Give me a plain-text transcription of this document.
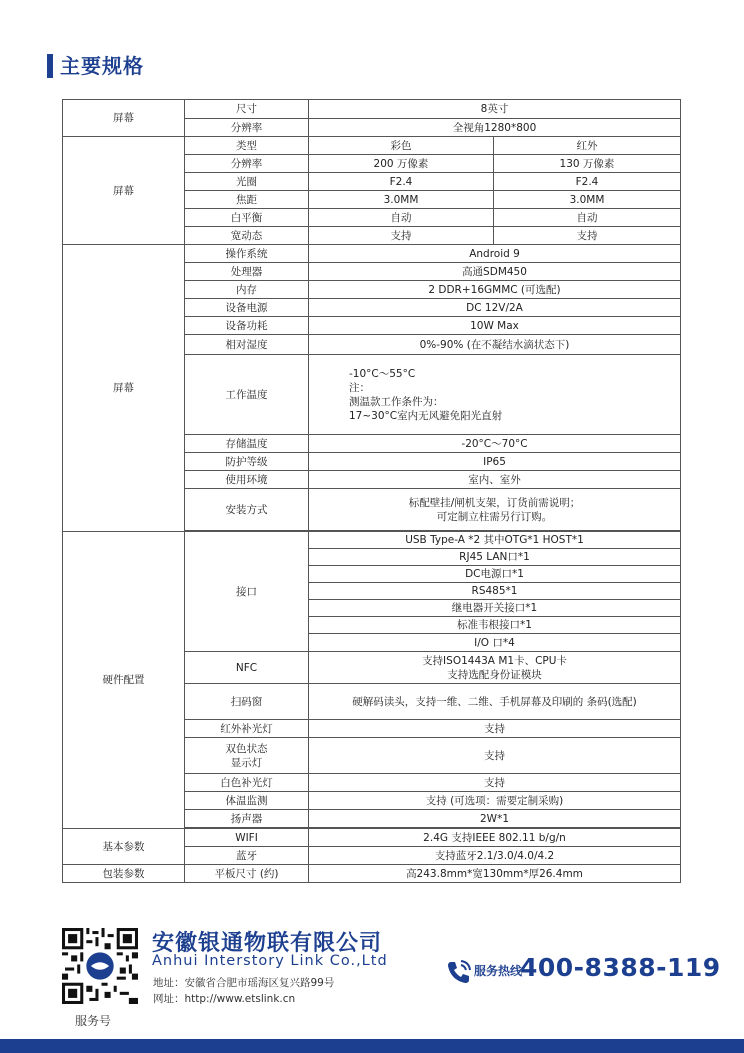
主要规格
屏幕	尺寸	8英寸	
	分辨率	全视角1280*800	
屏幕	类型	彩色	红外
	分辨率	200 万像素	130 万像素
	光圈	F2.4	F2.4
	焦距	3.0MM	3.0MM
	白平衡	自动	自动
	宽动态	支持	支持
屏幕	操作系统	Android 9	
	处理器	高通SDM450	
	内存	2 DDR+16GMMC (可选配)	
	设备电源	DC 12V/2A	
	设备功耗	10W Max	
	相对湿度	0%-90% (在不凝结水滴状态下)	
	工作温度	-10°C～55°C
注：
测温款工作条件为：
17~30°C室内无风避免阳光直射	

	存储温度	-20°C～70°C	
	防护等级	IP65	
	使用环境	室内、室外	
	安装方式	标配壁挂/闸机支架，订货前需说明；
可定制立柱需另行订购。	

硬件配置	接口	USB Type-A *2 其中OTG*1 HOST*1	
		RJ45 LAN口*1	
		DC电源口*1	
		RS485*1	
		继电器开关接口*1	
		标准韦根接口*1	
		I/O 口*4	
	NFC	支持ISO1443A M1卡、CPU卡
支持选配身份证模块	

	扫码窗	硬解码读头，支持一维、二维、手机屏幕及印刷的 条码(选配)	
	红外补光灯	支持	

	双色状态
显示灯	支持	
	白色补光灯	支持	
	体温监测	支持 (可选项：需要定制采购)	
	扬声器	2W*1	

基本参数	WIFI	2.4G 支持IEEE 802.11 b/g/n	
	蓝牙	支持蓝牙2.1/3.0/4.0/4.2	
包装参数	平板尺寸 (约)	高243.8mm*宽130mm*厚26.4mm	
服务号
安徽银通物联有限公司
Anhui Interstory Link Co.,Ltd
地址：安徽省合肥市瑶海区复兴路99号
网址：http://www.etslink.cn
服务热线
400-8388-119
